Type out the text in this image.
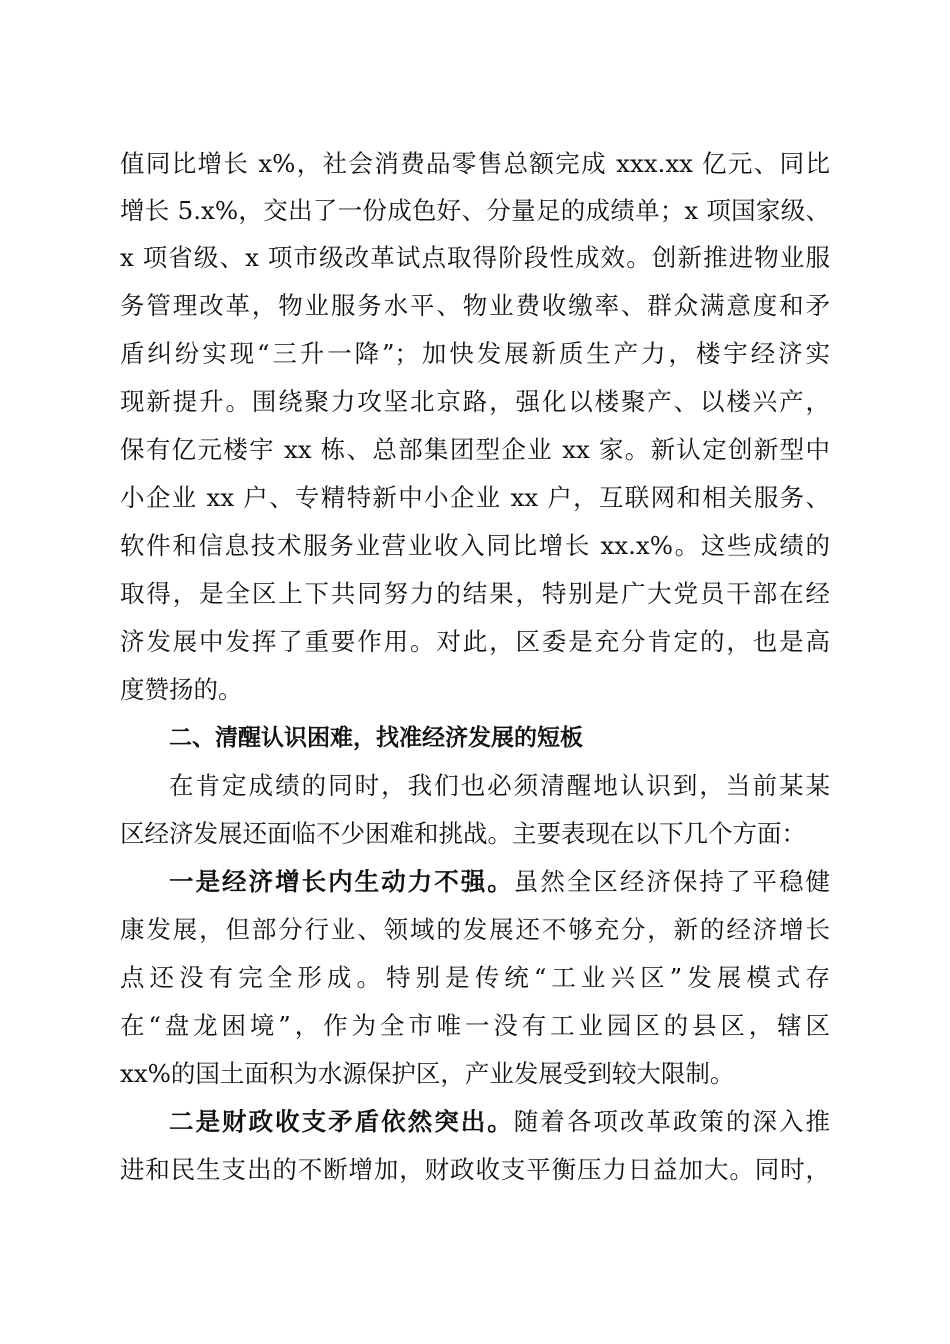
值同比增长 x%，社会消费品零售总额完成 xxx.xx 亿元、同比
增长 5.x%，交出了一份成色好、分量足的成绩单；x 项国家级、
x 项省级、x 项市级改革试点取得阶段性成效。创新推进物业服
务管理改革，物业服务水平、物业费收缴率、群众满意度和矛
盾纠纷实现“三升一降”；加快发展新质生产力，楼宇经济实
现新提升。围绕聚力攻坚北京路，强化以楼聚产、以楼兴产，
保有亿元楼宇 xx 栋、总部集团型企业 xx 家。新认定创新型中
小企业 xx 户、专精特新中小企业 xx 户，互联网和相关服务、
软件和信息技术服务业营业收入同比增长 xx.x%。这些成绩的
取得，是全区上下共同努力的结果，特别是广大党员干部在经
济发展中发挥了重要作用。对此，区委是充分肯定的，也是高
度赞扬的。
二、清醒认识困难，找准经济发展的短板
在肯定成绩的同时，我们也必须清醒地认识到，当前某某
区经济发展还面临不少困难和挑战。主要表现在以下几个方面：
一是经济增长内生动力不强。虽然全区经济保持了平稳健
康发展，但部分行业、领域的发展还不够充分，新的经济增长
点还没有完全形成。特别是传统“工业兴区”发展模式存
在“盘龙困境”，作为全市唯一没有工业园区的县区，辖区
xx%的国土面积为水源保护区，产业发展受到较大限制。
二是财政收支矛盾依然突出。随着各项改革政策的深入推
进和民生支出的不断增加，财政收支平衡压力日益加大。同时，
